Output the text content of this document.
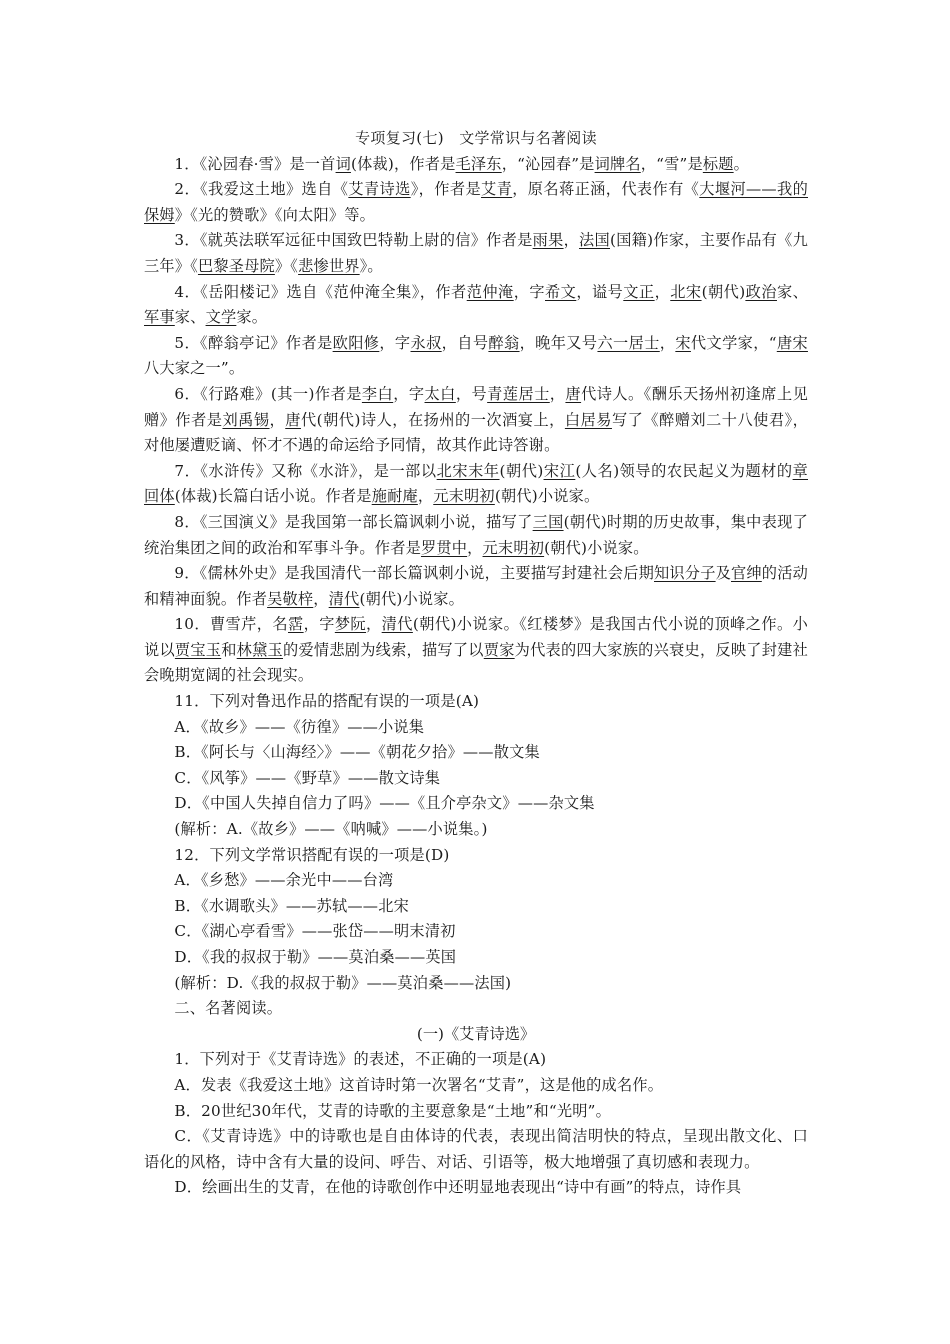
专项复习(七)　文学常识与名著阅读

1．《沁园春·雪》是一首词(体裁)，作者是毛泽东，“沁园春”是词牌名，“雪”是标题。

2．《我爱这土地》选自《艾青诗选》，作者是艾青，原名蒋正涵，代表作有《大堰河——我的保姆》《光的赞歌》《向太阳》等。

3．《就英法联军远征中国致巴特勒上尉的信》作者是雨果，法国(国籍)作家，主要作品有《九三年》《巴黎圣母院》《悲惨世界》。

4．《岳阳楼记》选自《范仲淹全集》，作者范仲淹，字希文，谥号文正，北宋(朝代)政治家、军事家、文学家。

5．《醉翁亭记》作者是欧阳修，字永叔，自号醉翁，晚年又号六一居士，宋代文学家，“唐宋八大家之一”。

6．《行路难》(其一)作者是李白，字太白，号青莲居士，唐代诗人。《酬乐天扬州初逢席上见赠》作者是刘禹锡，唐代(朝代)诗人，在扬州的一次酒宴上，白居易写了《醉赠刘二十八使君》，对他屡遭贬谪、怀才不遇的命运给予同情，故其作此诗答谢。

7．《水浒传》又称《水浒》，是一部以北宋末年(朝代)宋江(人名)领导的农民起义为题材的章回体(体裁)长篇白话小说。作者是施耐庵，元末明初(朝代)小说家。

8．《三国演义》是我国第一部长篇讽刺小说，描写了三国(朝代)时期的历史故事，集中表现了统治集团之间的政治和军事斗争。作者是罗贯中，元末明初(朝代)小说家。

9．《儒林外史》是我国清代一部长篇讽刺小说，主要描写封建社会后期知识分子及官绅的活动和精神面貌。作者吴敬梓，清代(朝代)小说家。

10．曹雪芹，名霑，字梦阮，清代(朝代)小说家。《红楼梦》是我国古代小说的顶峰之作。小说以贾宝玉和林黛玉的爱情悲剧为线索，描写了以贾家为代表的四大家族的兴衰史，反映了封建社会晚期宽阔的社会现实。

11．下列对鲁迅作品的搭配有误的一项是(A)

A．《故乡》——《彷徨》——小说集

B．《阿长与〈山海经〉》——《朝花夕拾》——散文集

C．《风筝》——《野草》——散文诗集

D．《中国人失掉自信力了吗》——《且介亭杂文》——杂文集

(解析：A.《故乡》——《呐喊》——小说集。)

12．下列文学常识搭配有误的一项是(D)

A．《乡愁》——余光中——台湾

B．《水调歌头》——苏轼——北宋

C．《湖心亭看雪》——张岱——明末清初

D．《我的叔叔于勒》——莫泊桑——英国

(解析：D.《我的叔叔于勒》——莫泊桑——法国)

二、名著阅读。

(一)《艾青诗选》

1．下列对于《艾青诗选》的表述，不正确的一项是(A)

A．发表《我爱这土地》这首诗时第一次署名“艾青”，这是他的成名作。

B．20世纪30年代，艾青的诗歌的主要意象是“土地”和“光明”。

C．《艾青诗选》中的诗歌也是自由体诗的代表，表现出简洁明快的特点，呈现出散文化、口语化的风格，诗中含有大量的设问、呼告、对话、引语等，极大地增强了真切感和表现力。

D．绘画出生的艾青，在他的诗歌创作中还明显地表现出“诗中有画”的特点，诗作具
